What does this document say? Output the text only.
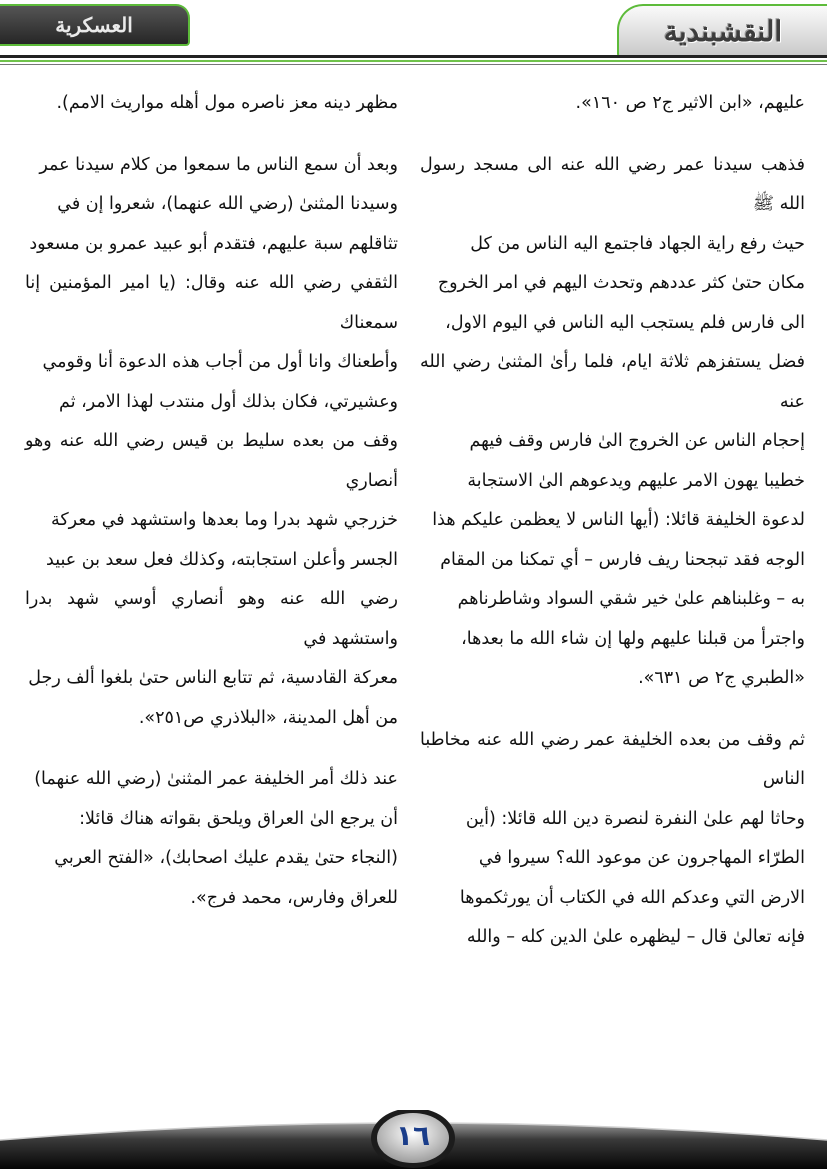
النقشبندية
العسكرية

عليهم، «ابن الاثير ج٢ ص ١٦٠».

فذهب سيدنا عمر رضي الله عنه الى مسجد رسول الله ﷺ
حيث رفع راية الجهاد فاجتمع اليه الناس من كل
مكان حتىٰ كثر عددهم وتحدث اليهم في امر الخروج
الى فارس فلم يستجب اليه الناس في اليوم الاول،
فضل يستفزهم ثلاثة ايام، فلما رأىٰ المثنىٰ رضي الله عنه
إحجام الناس عن الخروج الىٰ فارس وقف فيهم
خطيبا يهون الامر عليهم ويدعوهم الىٰ الاستجابة
لدعوة الخليفة قائلا: (أيها الناس لا يعظمن عليكم هذا
الوجه فقد تبجحنا ريف فارس – أي تمكنا من المقام
به – وغلبناهم علىٰ خير شقي السواد وشاطرناهم
واجترأ من قبلنا عليهم ولها إن شاء الله ما بعدها،
«الطبري ج٢ ص ٦٣١».

ثم وقف من بعده الخليفة عمر رضي الله عنه مخاطبا الناس
وحاثا لهم علىٰ النفرة لنصرة دين الله قائلا: (أين
الطرّاء المهاجرون عن موعود الله؟ سيروا في
الارض التي وعدكم الله في الكتاب أن يورثكموها
فإنه تعالىٰ قال – ليظهره علىٰ الدين كله – والله

مظهر دينه معز ناصره مول أهله مواريث الامم).

وبعد أن سمع الناس ما سمعوا من كلام سيدنا عمر
وسيدنا المثنىٰ (رضي الله عنهما)، شعروا إن في
تثاقلهم سبة عليهم، فتقدم أبو عبيد عمرو بن مسعود
الثقفي رضي الله عنه وقال: (يا امير المؤمنين إنا سمعناك
وأطعناك وانا أول من أجاب هذه الدعوة أنا وقومي
وعشيرتي، فكان بذلك أول منتدب لهذا الامر، ثم
وقف من بعده سليط بن قيس رضي الله عنه وهو أنصاري
خزرجي شهد بدرا وما بعدها واستشهد في معركة
الجسر وأعلن استجابته، وكذلك فعل سعد بن عبيد
رضي الله عنه وهو أنصاري أوسي شهد بدرا واستشهد في
معركة القادسية، ثم تتابع الناس حتىٰ بلغوا ألف رجل
من أهل المدينة، «البلاذري ص٢٥١».

عند ذلك أمر الخليفة عمر المثنىٰ (رضي الله عنهما)
أن يرجع الىٰ العراق ويلحق بقواته هناك قائلا:
(النجاء حتىٰ يقدم عليك اصحابك)، «الفتح العربي
للعراق وفارس، محمد فرج».

١٦
